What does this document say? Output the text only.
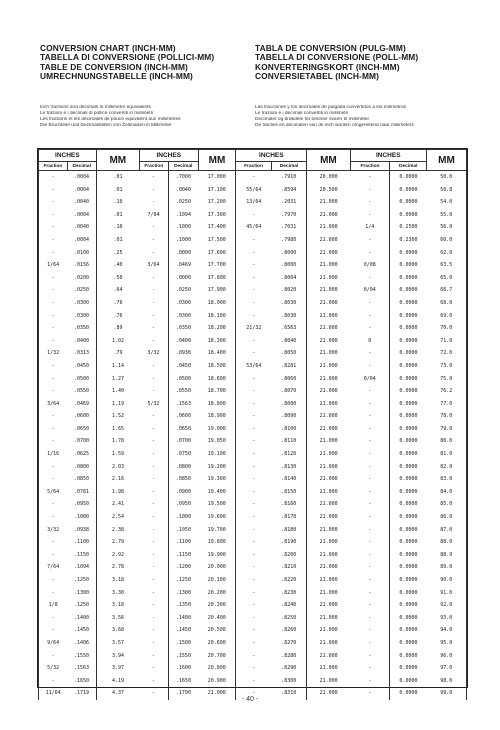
CONVERSION CHART (INCH-MM)
TABELLA DI CONVERSIONE (POLLICI-MM)
TABLE DE CONVERSION (INCH-MM)
UMRECHNUNGSTABELLE (INCH-MM)
TABLA DE CONVERSIÓN (PULG-MM)
TABELLA DI CONVERSIONE (POLL-MM)
KONVERTERINGSKORT (INCH-MM)
CONVERSIETABEL (INCH-MM)
Inch fractions and decimals to millimetre equivalents
Le frazioni e i decimali di pollice convertiti in millimetri
Les fractions et les décimales de pouce équivalent aux millimètres
Die Bruchteile und Dezimalstellen von Zollmaßen in Millimeter
Las fracciones y los decimales de pulgada convertidos a los milímetros
Le frazioni e i decimali convertiti in millimetri
Decimaler og brøkdele for tommer svarer til millimeter
De fracties en decimalen van de inch worden omgerekend naar millimeters
INCHES		MM	INCHES		MM	INCHES		MM	INCHES		MM
Fraction	Decimal		Fraction	Decimal		Fraction	Decimal		Fraction	Decimal	
-	.0004	.01	-	.7000	17.000	-	.7910	20.000	-	0.0000	50.0
-	.0004	.01	-	.0040	17.100	55/64	.8594	20.500	-	0.0000	50.8
-	.0040	.10	-	.0250	17.200	13/64	.2031	21.000	-	0.0000	54.0
-	.0004	.01	7/64	.1094	17.300	-	.7970	21.000	-	0.0000	55.0
-	.0040	.10	-	.1000	17.400	45/64	.7031	21.000	1/4	0.2500	56.0
-	.0004	.01	-	.1000	17.500	-	.7980	21.000	-	0.2300	60.0
-	.0100	.25	-	.0000	17.600	-	.8000	21.000	-	0.0000	62.0
1/64	.0156	.40	3/64	.0469	17.700	-	.8000	21.000	0/08	0.0000	63.5
-	.0200	.50	-	.0000	17.800	-	.8004	21.000	-	0.0000	65.0
-	.0250	.64	-	.0250	17.900	-	.8020	21.000	0/04	0.0000	66.7
-	.0300	.76	-	.0300	18.000	-	.8030	21.000	-	0.0000	68.0
-	.0300	.76	-	.0300	18.100	-	.8030	21.000	-	0.0000	69.0
-	.0350	.89	-	.0350	18.200	21/32	.6563	21.000	-	0.0000	70.0
-	.0400	1.02	-	.0400	18.300	-	.8040	21.000	0	0.0000	71.0
1/32	.0313	.79	3/32	.0938	18.400	-	.8050	21.000	-	0.0000	72.0
-	.0450	1.14	-	.0450	18.500	53/64	.8281	21.000	-	0.0000	73.0
-	.0500	1.27	-	.0500	18.600	-	.8060	21.000	0/04	0.0000	75.0
-	.0550	1.40	-	.0550	18.700	-	.8070	21.000	-	0.0000	76.2
3/64	.0469	1.19	5/32	.1563	18.800	-	.8080	21.000	-	0.0000	77.0
-	.0600	1.52	-	.0600	18.900	-	.8090	21.000	-	0.0000	78.0
-	.0650	1.65	-	.0650	19.000	-	.8100	21.000	-	0.0000	79.0
-	.0700	1.78	-	.0700	19.050	-	.8110	21.000	-	0.0000	80.0
1/16	.0625	1.59	-	.0750	19.100	-	.8120	21.000	-	0.0000	81.0
-	.0800	2.03	-	.0800	19.200	-	.8130	21.000	-	0.0000	82.0
-	.0850	2.16	-	.0850	19.300	-	.8140	21.000	-	0.0000	83.0
5/64	.0781	1.98	-	.0900	19.400	-	.8150	21.000	-	0.0000	84.0
-	.0950	2.41	-	.0950	19.500	-	.8160	21.000	-	0.0000	85.0
-	.1000	2.54	-	.1000	19.600	-	.8170	21.000	-	0.0000	86.0
3/32	.0938	2.38	-	.1050	19.700	-	.8180	21.000	-	0.0000	87.0
-	.1100	2.79	-	.1100	19.800	-	.8190	21.000	-	0.0000	88.0
-	.1150	2.92	-	.1150	19.900	-	.8200	21.000	-	0.0000	88.9
7/64	.1094	2.78	-	.1200	20.000	-	.8210	21.000	-	0.0000	89.0
-	.1250	3.18	-	.1250	20.100	-	.8220	21.000	-	0.0000	90.0
-	.1300	3.30	-	.1300	20.200	-	.8230	21.000	-	0.0000	91.0
1/8	.1250	3.18	-	.1350	20.300	-	.8240	21.000	-	0.0000	92.0
-	.1400	3.56	-	.1400	20.400	-	.8250	21.000	-	0.0000	93.0
-	.1450	3.68	-	.1450	20.500	-	.8260	21.000	-	0.0000	94.0
9/64	.1406	3.57	-	.1500	20.600	-	.8270	21.000	-	0.0000	95.0
-	.1550	3.94	-	.1550	20.700	-	.8280	21.000	-	0.0000	96.0
5/32	.1563	3.97	-	.1600	20.800	-	.8290	21.000	-	0.0000	97.0
-	.1650	4.19	-	.1650	20.900	-	.8300	21.000	-	0.0000	98.0
11/64	.1719	4.37	-	.1700	21.000	-	.8310	21.000	-	0.0000	99.0
- 40 -
